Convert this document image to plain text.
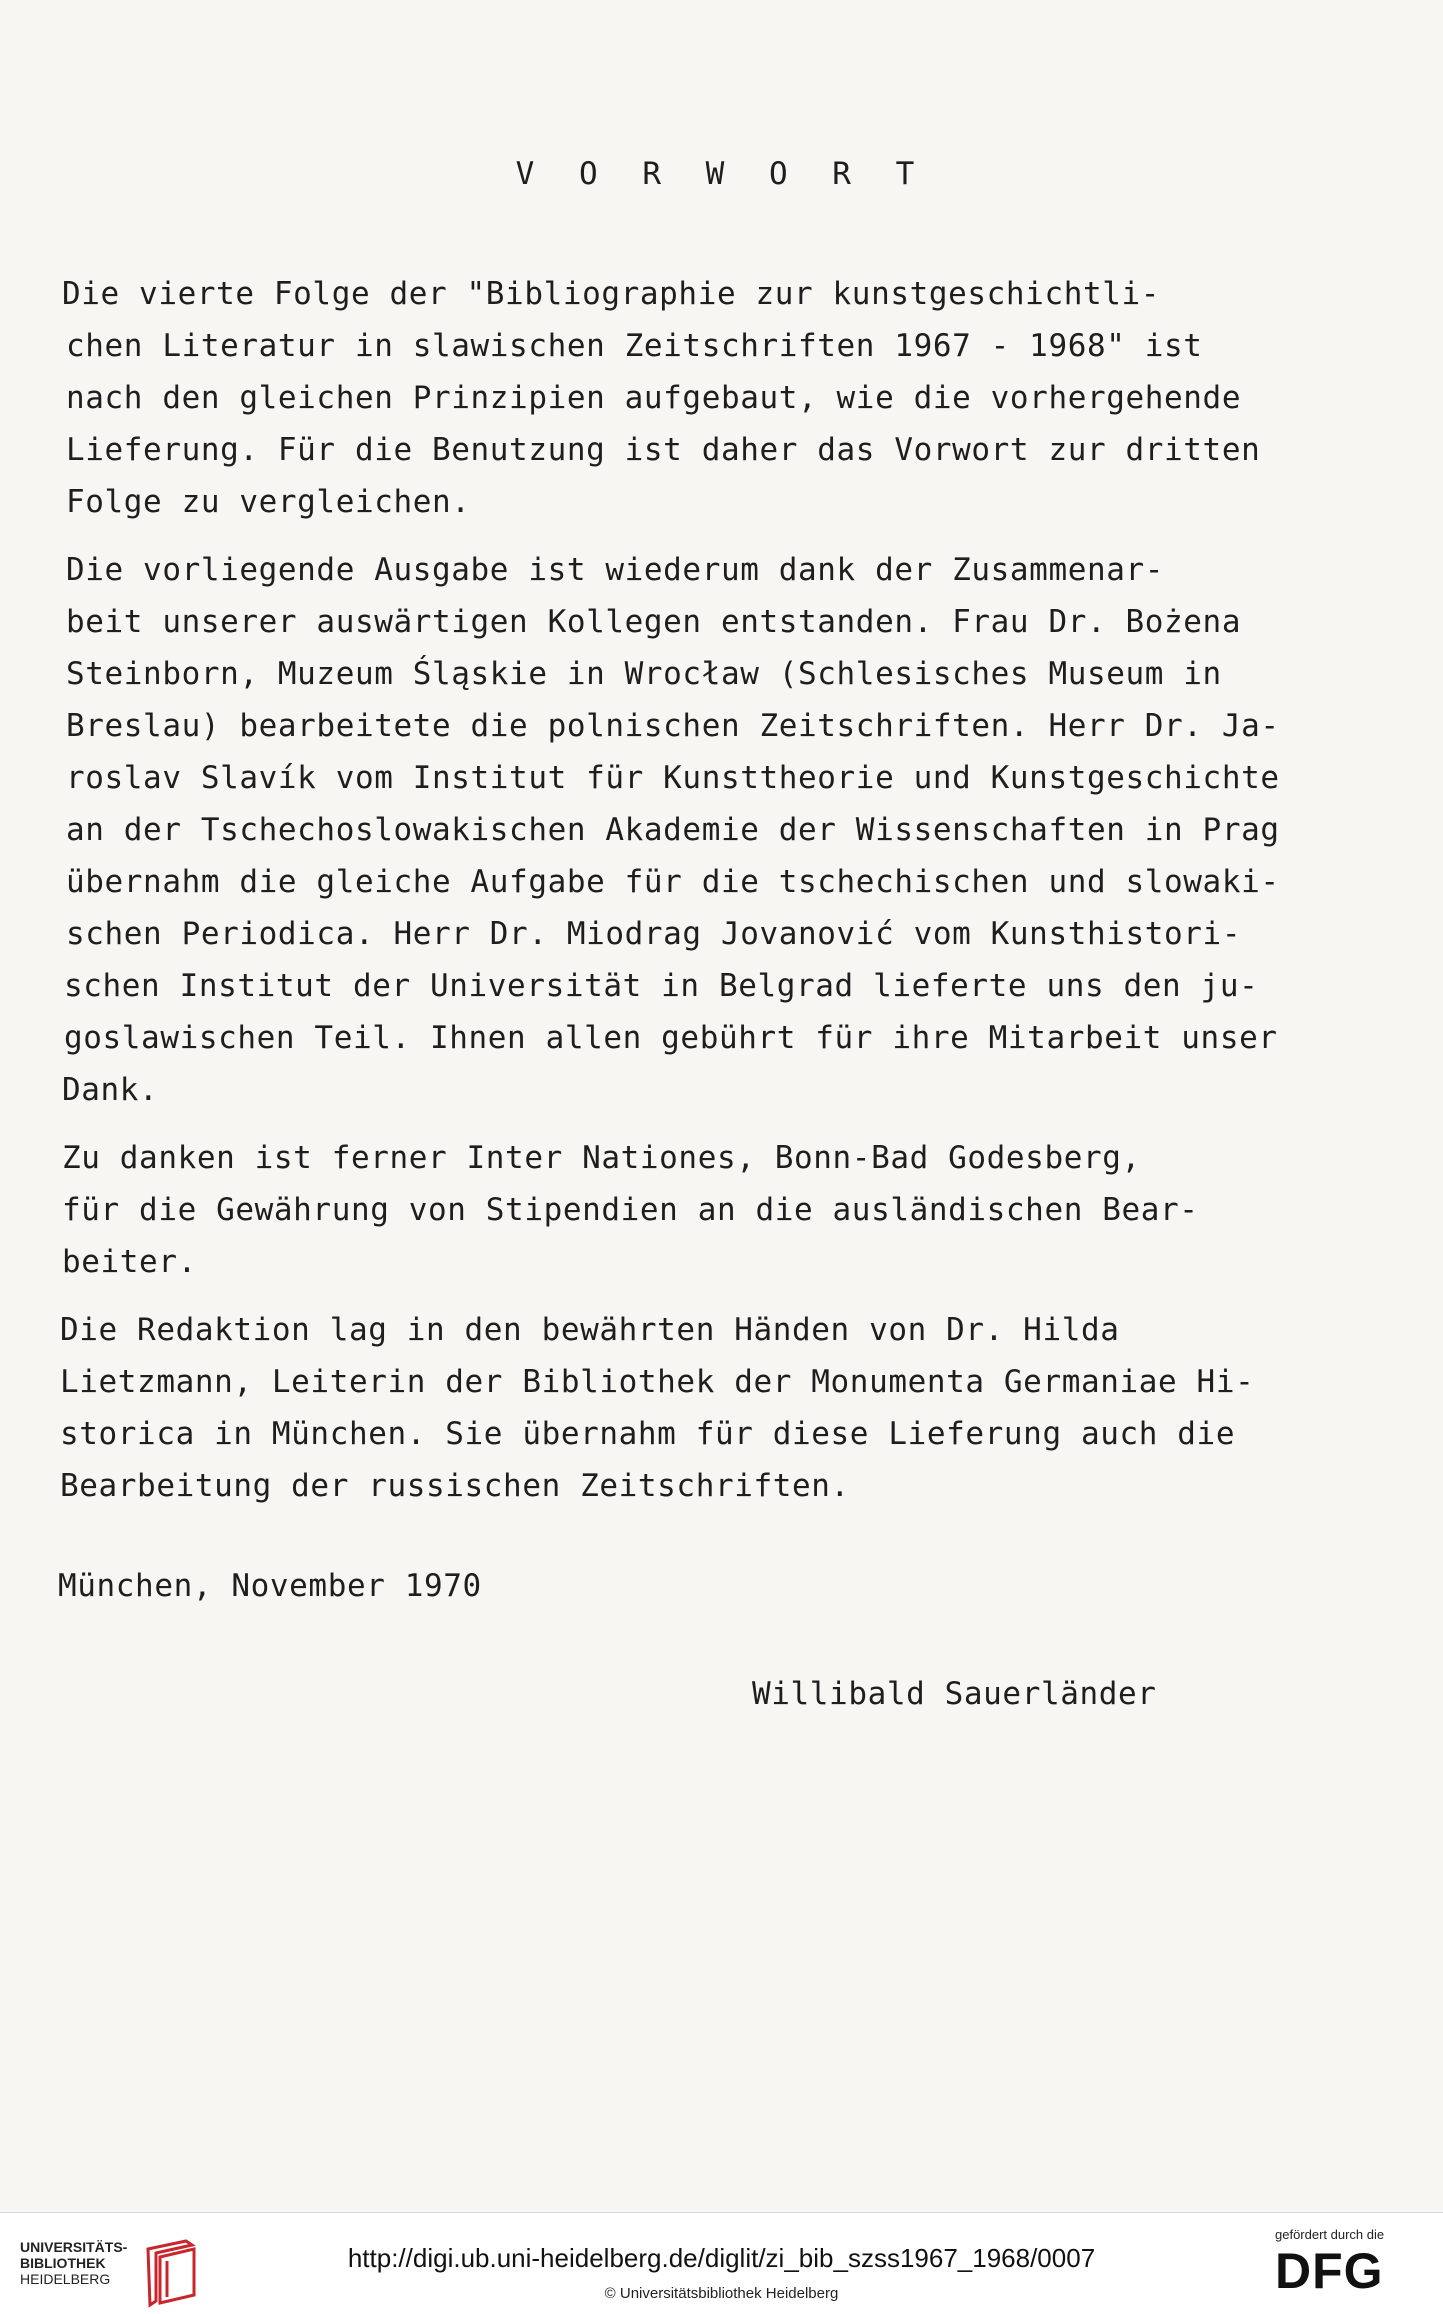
V O R W O R T
Die vierte Folge der "Bibliographie zur kunstgeschichtli-
chen Literatur in slawischen Zeitschriften 1967 - 1968" ist
nach den gleichen Prinzipien aufgebaut, wie die vorhergehende
Lieferung. Für die Benutzung ist daher das Vorwort zur dritten
Folge zu vergleichen.
Die vorliegende Ausgabe ist wiederum dank der Zusammenar-
beit unserer auswärtigen Kollegen entstanden. Frau Dr. Bożena
Steinborn, Muzeum Śląskie in Wrocław (Schlesisches Museum in
Breslau) bearbeitete die polnischen Zeitschriften. Herr Dr. Ja-
roslav Slavík vom Institut für Kunsttheorie und Kunstgeschichte
an der Tschechoslowakischen Akademie der Wissenschaften in Prag
übernahm die gleiche Aufgabe für die tschechischen und slowaki-
schen Periodica. Herr Dr. Miodrag Jovanović vom Kunsthistori-
schen Institut der Universität in Belgrad lieferte uns den ju-
goslawischen Teil. Ihnen allen gebührt für ihre Mitarbeit unser
Dank.
Zu danken ist ferner Inter Nationes, Bonn-Bad Godesberg,
für die Gewährung von Stipendien an die ausländischen Bear-
beiter.
Die Redaktion lag in den bewährten Händen von Dr. Hilda
Lietzmann, Leiterin der Bibliothek der Monumenta Germaniae Hi-
storica in München. Sie übernahm für diese Lieferung auch die
Bearbeitung der russischen Zeitschriften.
München, November 1970
Willibald Sauerländer
UNIVERSITÄTS-
BIBLIOTHEK
HEIDELBERG
http://digi.ub.uni-heidelberg.de/diglit/zi_bib_szss1967_1968/0007
© Universitätsbibliothek Heidelberg
gefördert durch die
DFG
